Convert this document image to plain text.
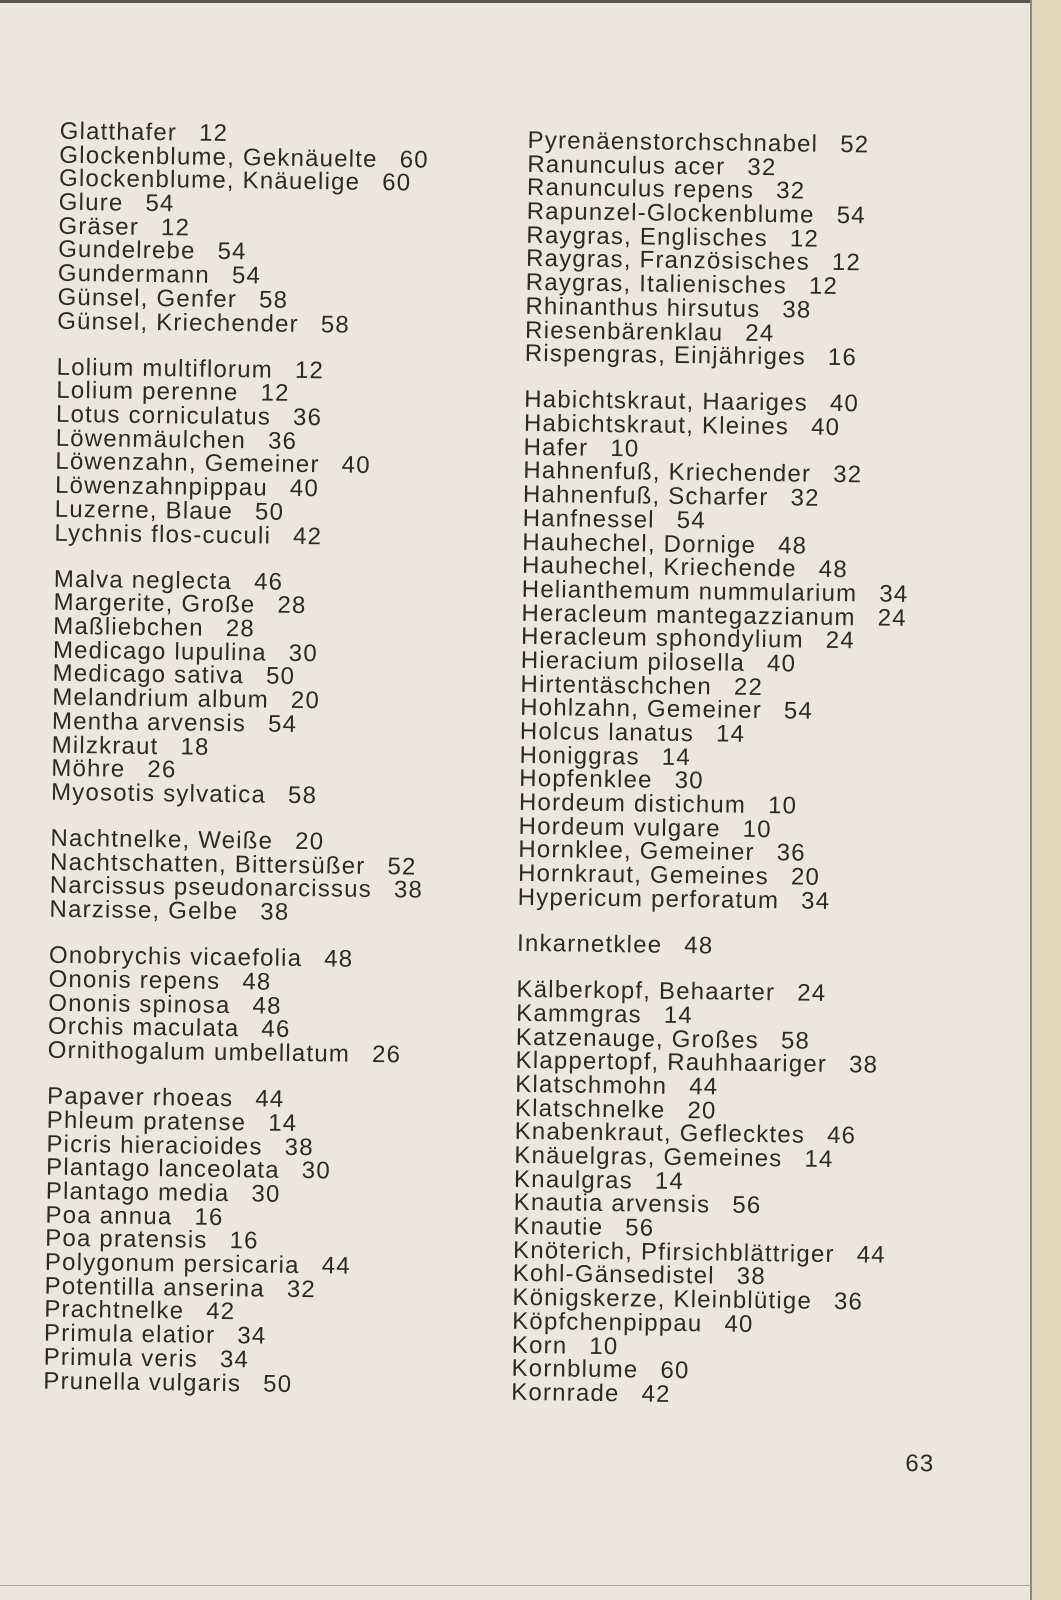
Glatthafer 12
Glockenblume, Geknäuelte 60
Glockenblume, Knäuelige 60
Glure 54
Gräser 12
Gundelrebe 54
Gundermann 54
Günsel, Genfer 58
Günsel, Kriechender 58
Lolium multiflorum 12
Lolium perenne 12
Lotus corniculatus 36
Löwenmäulchen 36
Löwenzahn, Gemeiner 40
Löwenzahnpippau 40
Luzerne, Blaue 50
Lychnis flos-cuculi 42
Malva neglecta 46
Margerite, Große 28
Maßliebchen 28
Medicago lupulina 30
Medicago sativa 50
Melandrium album 20
Mentha arvensis 54
Milzkraut 18
Möhre 26
Myosotis sylvatica 58
Nachtnelke, Weiße 20
Nachtschatten, Bittersüßer 52
Narcissus pseudonarcissus 38
Narzisse, Gelbe 38
Onobrychis vicaefolia 48
Ononis repens 48
Ononis spinosa 48
Orchis maculata 46
Ornithogalum umbellatum 26
Papaver rhoeas 44
Phleum pratense 14
Picris hieracioides 38
Plantago lanceolata 30
Plantago media 30
Poa annua 16
Poa pratensis 16
Polygonum persicaria 44
Potentilla anserina 32
Prachtnelke 42
Primula elatior 34
Primula veris 34
Prunella vulgaris 50
Pyrenäenstorchschnabel 52
Ranunculus acer 32
Ranunculus repens 32
Rapunzel-Glockenblume 54
Raygras, Englisches 12
Raygras, Französisches 12
Raygras, Italienisches 12
Rhinanthus hirsutus 38
Riesenbärenklau 24
Rispengras, Einjähriges 16
Habichtskraut, Haariges 40
Habichtskraut, Kleines 40
Hafer 10
Hahnenfuß, Kriechender 32
Hahnenfuß, Scharfer 32
Hanfnessel 54
Hauhechel, Dornige 48
Hauhechel, Kriechende 48
Helianthemum nummularium 34
Heracleum mantegazzianum 24
Heracleum sphondylium 24
Hieracium pilosella 40
Hirtentäschchen 22
Hohlzahn, Gemeiner 54
Holcus lanatus 14
Honiggras 14
Hopfenklee 30
Hordeum distichum 10
Hordeum vulgare 10
Hornklee, Gemeiner 36
Hornkraut, Gemeines 20
Hypericum perforatum 34
Inkarnetklee 48
Kälberkopf, Behaarter 24
Kammgras 14
Katzenauge, Großes 58
Klappertopf, Rauhhaariger 38
Klatschmohn 44
Klatschnelke 20
Knabenkraut, Geflecktes 46
Knäuelgras, Gemeines 14
Knaulgras 14
Knautia arvensis 56
Knautie 56
Knöterich, Pfirsichblättriger 44
Kohl-Gänsedistel 38
Königskerze, Kleinblütige 36
Köpfchenpippau 40
Korn 10
Kornblume 60
Kornrade 42
63
